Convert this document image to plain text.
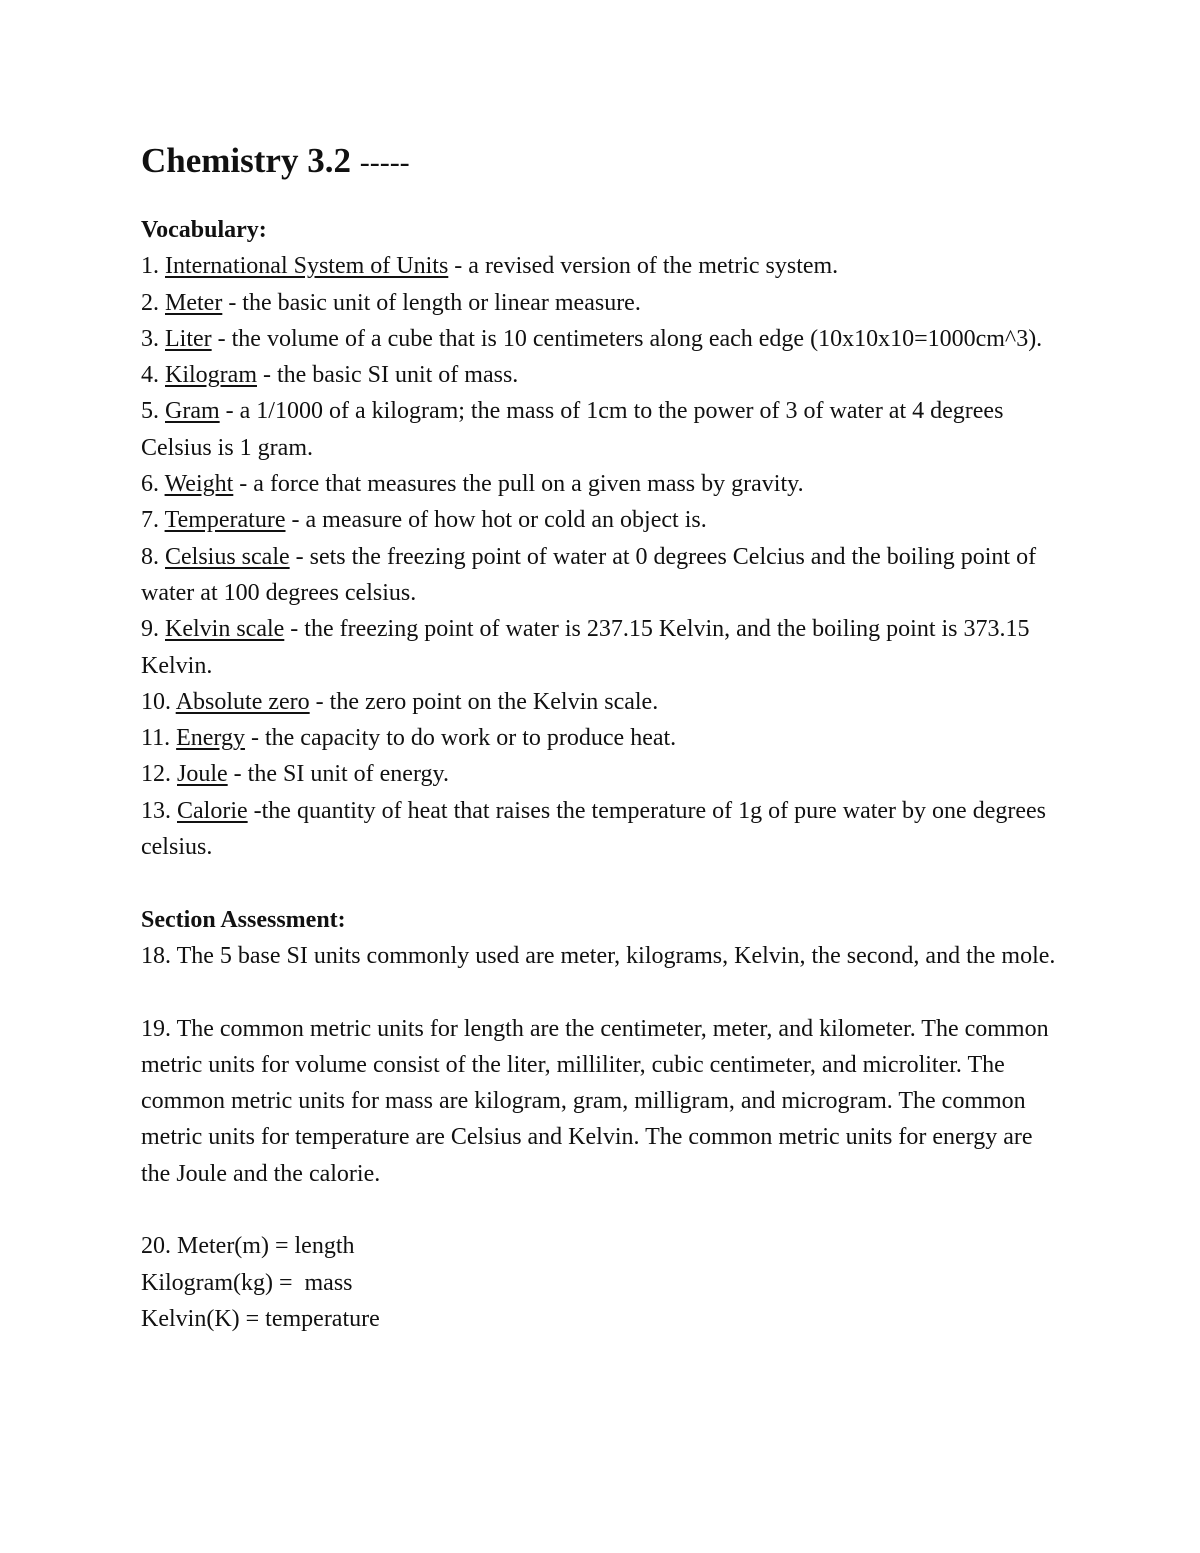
Chemistry 3.2 -----
Vocabulary:
1. International System of Units - a revised version of the metric system.
2. Meter - the basic unit of length or linear measure.
3. Liter - the volume of a cube that is 10 centimeters along each edge (10x10x10=1000cm^3).
4. Kilogram - the basic SI unit of mass.
5. Gram - a 1/1000 of a kilogram; the mass of 1cm to the power of 3 of water at 4 degrees Celsius is 1 gram.
6. Weight - a force that measures the pull on a given mass by gravity.
7. Temperature - a measure of how hot or cold an object is.
8. Celsius scale - sets the freezing point of water at 0 degrees Celcius and the boiling point of water at 100 degrees celsius.
9. Kelvin scale - the freezing point of water is 237.15 Kelvin, and the boiling point is 373.15 Kelvin.
10. Absolute zero - the zero point on the Kelvin scale.
11. Energy - the capacity to do work or to produce heat.
12. Joule - the SI unit of energy.
13. Calorie -the quantity of heat that raises the temperature of 1g of pure water by one degrees celsius.
Section Assessment:
18. The 5 base SI units commonly used are meter, kilograms, Kelvin, the second, and the mole.
19. The common metric units for length are the centimeter, meter, and kilometer. The common metric units for volume consist of the liter, milliliter, cubic centimeter, and microliter. The common metric units for mass are kilogram, gram, milligram, and microgram. The common metric units for temperature are Celsius and Kelvin. The common metric units for energy are the Joule and the calorie.
20. Meter(m) = length
Kilogram(kg) =  mass
Kelvin(K) = temperature
